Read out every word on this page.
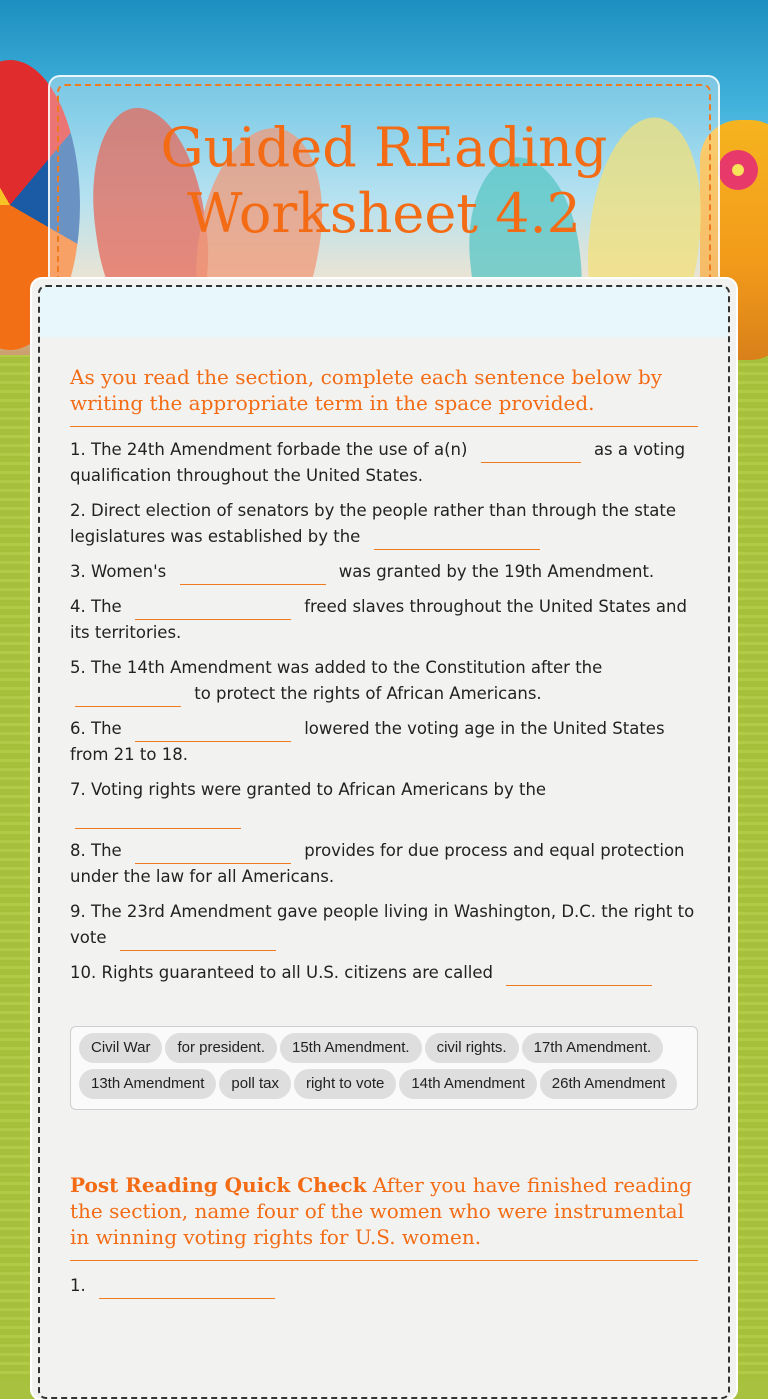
Guided REading Worksheet 4.2
As you read the section, complete each sentence below by writing the appropriate term in the space provided.
1. The 24th Amendment forbade the use of a(n)	as a voting qualification throughout the United States.
2. Direct election of senators by the people rather than through the state legislatures was established by the
3. Women's	was granted by the 19th Amendment.
4. The	freed slaves throughout the United States and its territories.
5. The 14th Amendment was added to the Constitution after the
to protect the rights of African Americans.
6. The	lowered the voting age in the United States from 21 to 18.
7. Voting rights were granted to African Americans by the

8. The	provides for due process and equal protection under the law for all Americans.
9. The 23rd Amendment gave people living in Washington, D.C. the right to vote
10. Rights guaranteed to all U.S. citizens are called
Civil War for president. 15th Amendment. civil rights. 17th Amendment.13th Amendment poll tax right to vote 14th Amendment 26th Amendment
Post Reading Quick Check After you have finished reading the section, name four of the women who were instrumental in winning voting rights for U.S. women.
1.
